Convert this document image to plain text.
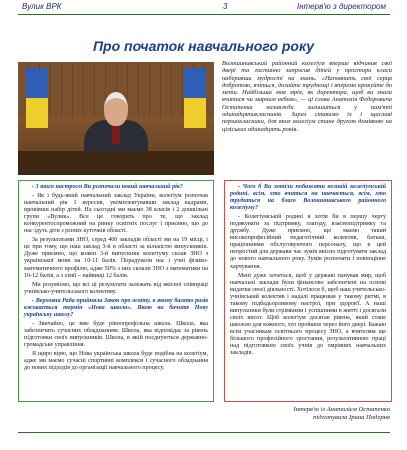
Вулик ВРК	3	Інтерв'ю з директором
Про початок навчального року
Волошинивський районний колегіум вперше відчинив свої двері та гостинно запросив дітей у простори класи наберавши мудрості на знань. «Наповнить свої серця добротою, вчіться, долайте труднощі і вперемо крокуйте до мети. Найбільша моя мрія, як директора, щоб ви знали вчитися чи марним небом», — ці слова Анатолія Федоровича Остапенка назавжди залишиться у пам'яті одинадцятикласників. Зараз ставимо їх і щасливі першокласники, для яких колегіум стане другою домівкою на ціліських одинадцять років.

- З яким настроєм Ви розпочали новий навчальний рік?

- Як і будь-який навчальний заклад України, колегіум розпочав навчальний рік 1 вересня, укомплектувавши заклад кадрами, провівши набір дітей. На сьогодні ми маємо 38 класів і 2 дошкільні групи «Вулик». Все це говорить про те, що заклад конкурентоспроможний на ринку освітніх послуг і приємно, що до нас ідуть діти з різних куточків області.

За результатами ЗНО, серед 400 закладів області ми на 19 місці, і це при тому, що наш заклад 3-й в області за кількістю випускників. Дуже приємно, що кожен 3-й випускник колегіуму склав ЗНО з української мови на 10-11 балів. Порадували нас і учні фізико-математичного профілю, адже 50% з них склали ЗНО з математики на 10-12 балів, а з хімії – найвищі 12 балів.

Ми розуміємо, що всі ці результати залежать від якісної співпраці учнівсько-учительського колективу.

- Верховна Рада прийняла Закон про освіту, в якому багато разів вживається термін «Нова школа». Якою ви бачите Нову українську школу?

- Звичайно, це вже буде рівнопрофільна школа. Школа, яка забезпечить сучасних обладнанням. Школа, яка відповідає за рівень підготовки своїх випускників. Школа, в якій поєднуються державно-громадське управління.

Я щиро вірю, що Нова українська школа буде подібна на колегіум, адже ми маємо сучасні спортивні комплекси і сучасного обладнання до нових підходів до організації навчального процесу.

- Чого б Ви хотіли побажати великій колегіумській родині, всім, хто вчиться на навчається, всім, хто трудиться на благо Волошинивського районного колегіуму?

- Колегіумській родині я хотів би в першу чергу подякувати за підтримку, злагоду, взаємопідтримку та дружбу. Дуже приємно, що маємо такий високопрофесійний педагогічний колектив, батьки, праціонними обслуговуючого персоналу, що в цей непростий для держави час зумів якісно підготувати заклад до нового навчального року. Зумів розпочати і повноцінне харчування.

Мені дуже хочеться, щоб у державі панував мир, щоб навчальні заклади були фінансово забезпечені на основі видатки своєї діяльності. Хотілося б, щоб наш учительсько-учнівський колектив і надалі працював у такому ритмі, в такому підбадьорливому настрої, при здоров'ї. А наші випускники були стрімкими і успішними в житті і досягали своїх висот. Щоб колегіум досягав рівень, який стане школою для кожного, хто пройшов через його двері. Бажаю всім учасникам освітнього процесу ЗНО, а вчителям ще більшого професійного зростання, результативною праці над підготовкою своїх учнів до омріяних навчальних закладів.

Інтерв'ю із Анатолієм Остапенко
підготувала Ірина Подерня
